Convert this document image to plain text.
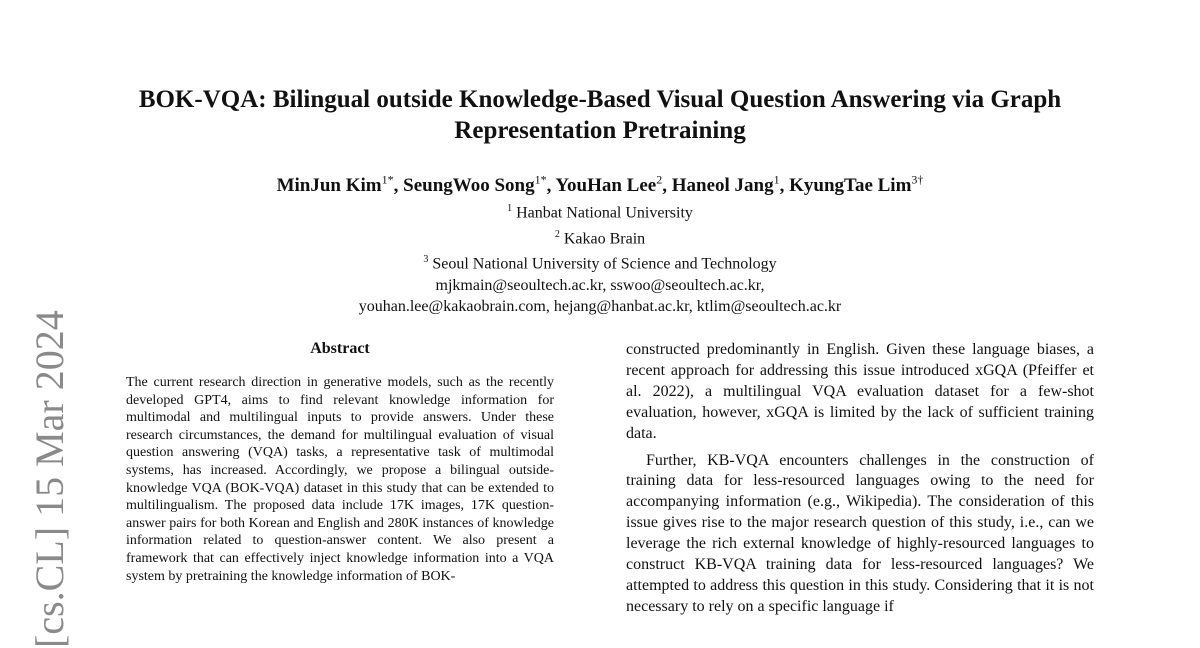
[cs.CL] 15 Mar 2024
BOK-VQA: Bilingual outside Knowledge-Based Visual Question Answering via Graph Representation Pretraining
MinJun Kim$^{1*}$, SeungWoo Song$^{1*}$, YouHan Lee$^2$, Haneol Jang$^1$, KyungTae Lim$^{3\dagger}$
$^1$ Hanbat National University
$^2$ Kakao Brain
$^3$ Seoul National University of Science and Technology
mjkmain@seoultech.ac.kr, sswoo@seoultech.ac.kr,
youhan.lee@kakaobrain.com, hejang@hanbat.ac.kr, ktlim@seoultech.ac.kr
Abstract
The current research direction in generative models, such as the recently developed GPT4, aims to find relevant knowledge information for multimodal and multilingual inputs to provide answers. Under these research circumstances, the demand for multilingual evaluation of visual question answering (VQA) tasks, a representative task of multimodal systems, has increased. Accordingly, we propose a bilingual outside-knowledge VQA (BOK-VQA) dataset in this study that can be extended to multilingualism. The proposed data include 17K images, 17K question-answer pairs for both Korean and English and 280K instances of knowledge information related to question-answer content. We also present a framework that can effectively inject knowledge information into a VQA system by pretraining the knowledge information of BOK-

constructed predominantly in English. Given these language biases, a recent approach for addressing this issue introduced xGQA (Pfeiffer et al. 2022), a multilingual VQA evaluation dataset for a few-shot evaluation, however, xGQA is limited by the lack of sufficient training data.

Further, KB-VQA encounters challenges in the construction of training data for less-resourced languages owing to the need for accompanying information (e.g., Wikipedia). The consideration of this issue gives rise to the major research question of this study, i.e., can we leverage the rich external knowledge of highly-resourced languages to construct KB-VQA training data for less-resourced languages? We attempted to address this question in this study. Considering that it is not necessary to rely on a specific language if
